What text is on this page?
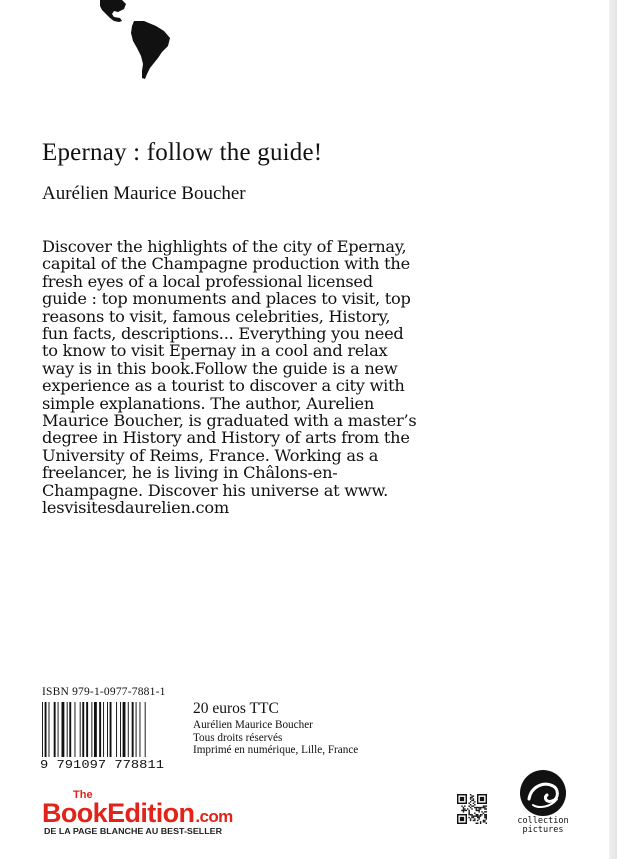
Epernay : follow the guide!
Aurélien Maurice Boucher
Discover the highlights of the city of Epernay,
capital of the Champagne production with the
fresh eyes of a local professional licensed
guide : top monuments and places to visit, top
reasons to visit, famous celebrities, History,
fun facts, descriptions... Everything you need
to know to visit Epernay in a cool and relax
way is in this book.Follow the guide is a new
experience as a tourist to discover a city with
simple explanations. The author, Aurelien
Maurice Boucher, is graduated with a master’s
degree in History and History of arts from the
University of Reims, France. Working as a
freelancer, he is living in Châlons-en-
Champagne. Discover his universe at www.
lesvisitesdaurelien.com
ISBN 979-1-0977-7881-1
9 791097 778811
20 euros TTC
Aurélien Maurice Boucher
Tous droits réservés
Imprimé en numérique, Lille, France
The
BookEdition.com
DE LA PAGE BLANCHE AU BEST-SELLER
collection
pictures
